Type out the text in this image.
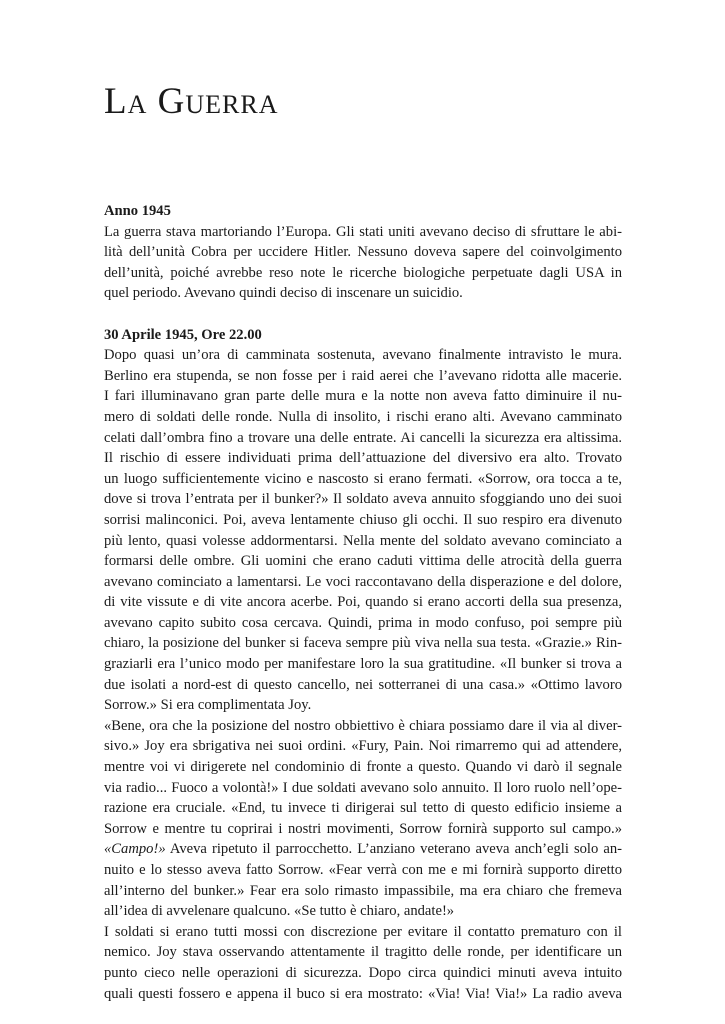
La Guerra
Anno 1945
La guerra stava martoriando l’Europa. Gli stati uniti avevano deciso di sfruttare le abi-
lità dell’unità Cobra per uccidere Hitler. Nessuno doveva sapere del coinvolgimento
dell’unità, poiché avrebbe reso note le ricerche biologiche perpetuate dagli USA in
quel periodo. Avevano quindi deciso di inscenare un suicidio.
30 Aprile 1945, Ore 22.00
Dopo quasi un’ora di camminata sostenuta, avevano finalmente intravisto le mura.
Berlino era stupenda, se non fosse per i raid aerei che l’avevano ridotta alle macerie.
I fari illuminavano gran parte delle mura e la notte non aveva fatto diminuire il nu-
mero di soldati delle ronde. Nulla di insolito, i rischi erano alti. Avevano camminato
celati dall’ombra fino a trovare una delle entrate. Ai cancelli la sicurezza era altissima.
Il rischio di essere individuati prima dell’attuazione del diversivo era alto. Trovato
un luogo sufficientemente vicino e nascosto si erano fermati. «Sorrow, ora tocca a te,
dove si trova l’entrata per il bunker?» Il soldato aveva annuito sfoggiando uno dei suoi
sorrisi malinconici. Poi, aveva lentamente chiuso gli occhi. Il suo respiro era divenuto
più lento, quasi volesse addormentarsi. Nella mente del soldato avevano cominciato a
formarsi delle ombre. Gli uomini che erano caduti vittima delle atrocità della guerra
avevano cominciato a lamentarsi. Le voci raccontavano della disperazione e del dolore,
di vite vissute e di vite ancora acerbe. Poi, quando si erano accorti della sua presenza,
avevano capito subito cosa cercava. Quindi, prima in modo confuso, poi sempre più
chiaro, la posizione del bunker si faceva sempre più viva nella sua testa. «Grazie.» Rin-
graziarli era l’unico modo per manifestare loro la sua gratitudine. «Il bunker si trova a
due isolati a nord-est di questo cancello, nei sotterranei di una casa.» «Ottimo lavoro
Sorrow.» Si era complimentata Joy.
«Bene, ora che la posizione del nostro obbiettivo è chiara possiamo dare il via al diver-
sivo.» Joy era sbrigativa nei suoi ordini. «Fury, Pain. Noi rimarremo qui ad attendere,
mentre voi vi dirigerete nel condominio di fronte a questo. Quando vi darò il segnale
via radio... Fuoco a volontà!» I due soldati avevano solo annuito. Il loro ruolo nell’ope-
razione era cruciale. «End, tu invece ti dirigerai sul tetto di questo edificio insieme a
Sorrow e mentre tu coprirai i nostri movimenti, Sorrow fornirà supporto sul campo.»
«Campo!» Aveva ripetuto il parrocchetto. L’anziano veterano aveva anch’egli solo an-
nuito e lo stesso aveva fatto Sorrow. «Fear verrà con me e mi fornirà supporto diretto
all’interno del bunker.» Fear era solo rimasto impassibile, ma era chiaro che fremeva
all’idea di avvelenare qualcuno. «Se tutto è chiaro, andate!»
I soldati si erano tutti mossi con discrezione per evitare il contatto prematuro con il
nemico. Joy stava osservando attentamente il tragitto delle ronde, per identificare un
punto cieco nelle operazioni di sicurezza. Dopo circa quindici minuti aveva intuito
quali questi fossero e appena il buco si era mostrato: «Via! Via! Via!» La radio aveva
